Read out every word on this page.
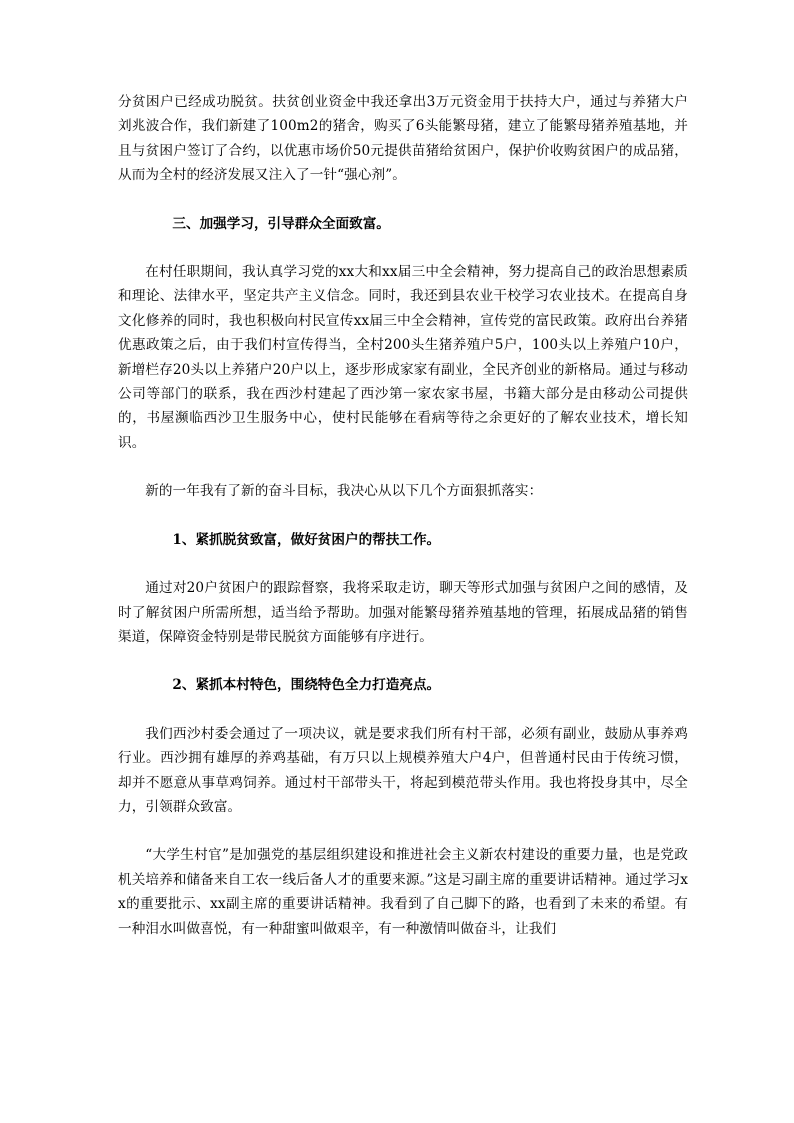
分贫困户已经成功脱贫。扶贫创业资金中我还拿出3万元资金用于扶持大户，通过与养猪大户刘兆波合作，我们新建了100m2的猪舍，购买了6头能繁母猪，建立了能繁母猪养殖基地，并且与贫困户签订了合约，以优惠市场价50元提供苗猪给贫困户，保护价收购贫困户的成品猪，从而为全村的经济发展又注入了一针“强心剂”。

三、加强学习，引导群众全面致富。

在村任职期间，我认真学习党的xx大和xx届三中全会精神，努力提高自己的政治思想素质和理论、法律水平，坚定共产主义信念。同时，我还到县农业干校学习农业技术。在提高自身文化修养的同时，我也积极向村民宣传xx届三中全会精神，宣传党的富民政策。政府出台养猪优惠政策之后，由于我们村宣传得当，全村200头生猪养殖户5户，100头以上养殖户10户，新增栏存20头以上养猪户20户以上，逐步形成家家有副业，全民齐创业的新格局。通过与移动公司等部门的联系，我在西沙村建起了西沙第一家农家书屋，书籍大部分是由移动公司提供的，书屋濒临西沙卫生服务中心，使村民能够在看病等待之余更好的了解农业技术，增长知识。

新的一年我有了新的奋斗目标，我决心从以下几个方面狠抓落实：

1、紧抓脱贫致富，做好贫困户的帮扶工作。

通过对20户贫困户的跟踪督察，我将采取走访，聊天等形式加强与贫困户之间的感情，及时了解贫困户所需所想，适当给予帮助。加强对能繁母猪养殖基地的管理，拓展成品猪的销售渠道，保障资金特别是带民脱贫方面能够有序进行。

2、紧抓本村特色，围绕特色全力打造亮点。

我们西沙村委会通过了一项决议，就是要求我们所有村干部，必须有副业，鼓励从事养鸡行业。西沙拥有雄厚的养鸡基础，有万只以上规模养殖大户4户，但普通村民由于传统习惯，却并不愿意从事草鸡饲养。通过村干部带头干，将起到模范带头作用。我也将投身其中，尽全力，引领群众致富。

“大学生村官”是加强党的基层组织建设和推进社会主义新农村建设的重要力量，也是党政机关培养和储备来自工农一线后备人才的重要来源。”这是习副主席的重要讲话精神。通过学习xx的重要批示、xx副主席的重要讲话精神。我看到了自己脚下的路，也看到了未来的希望。有一种泪水叫做喜悦，有一种甜蜜叫做艰辛，有一种激情叫做奋斗，让我们
